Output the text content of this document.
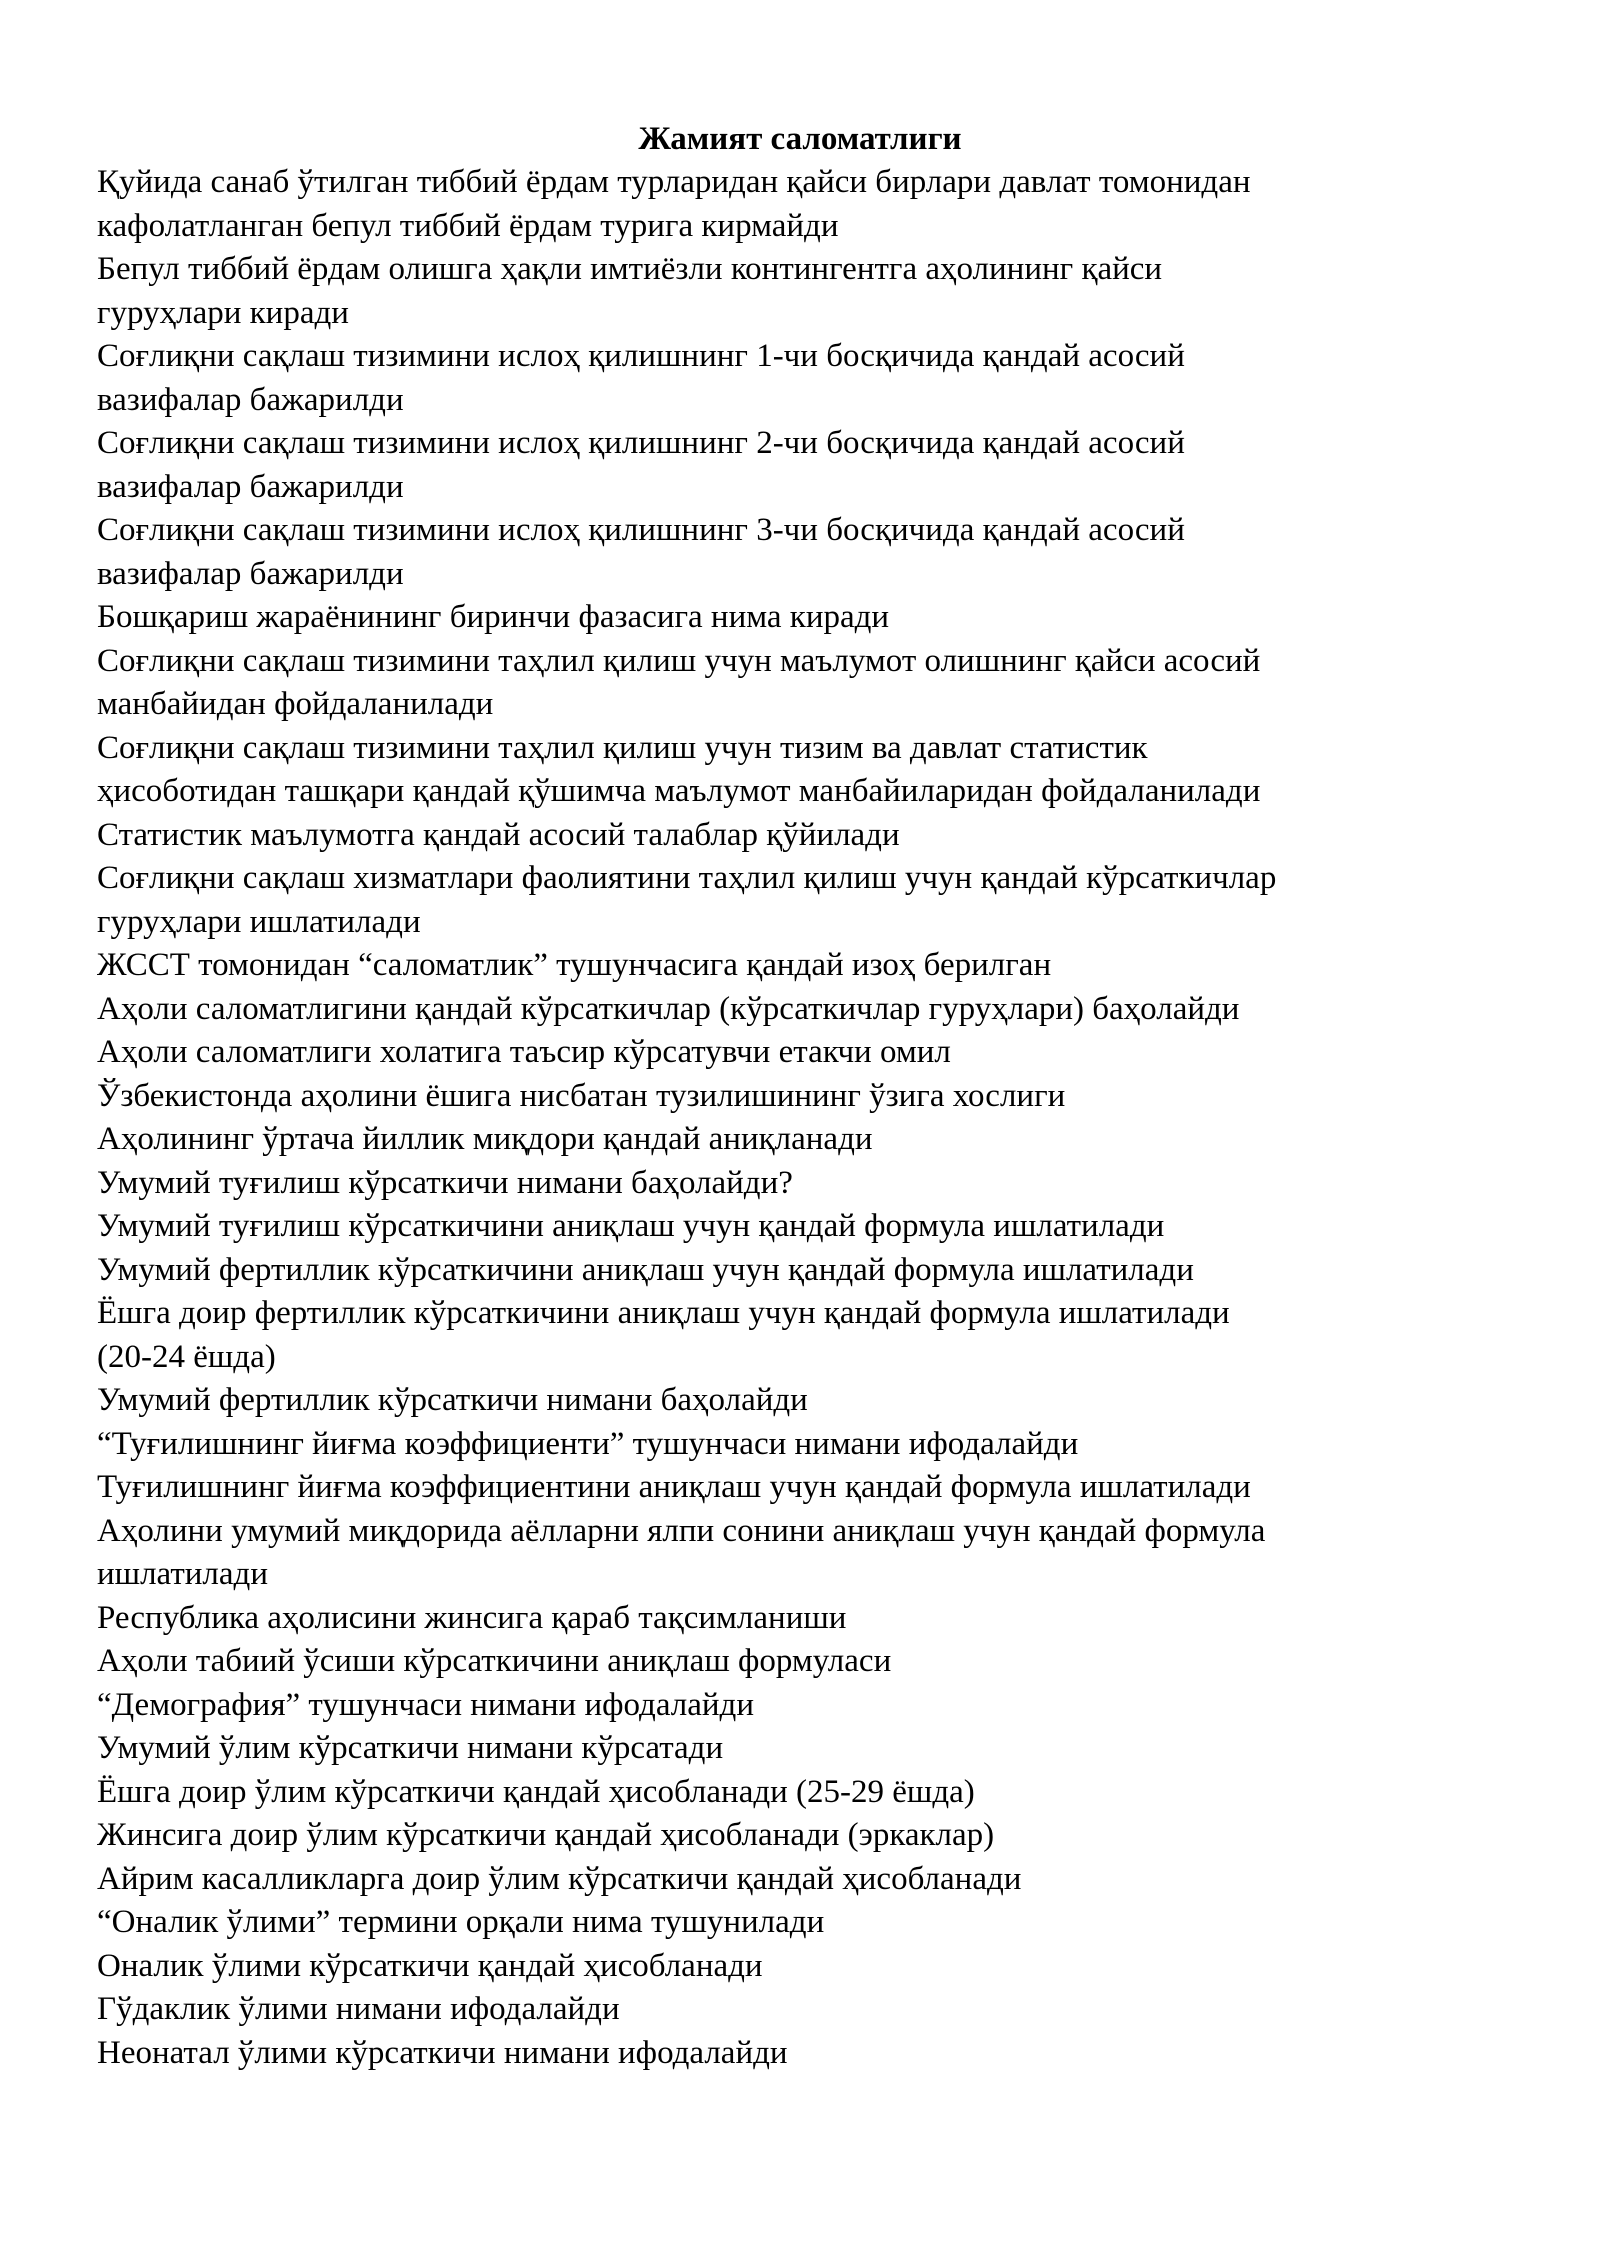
Жамият саломатлиги
Қуйида санаб ўтилган тиббий ёрдам турларидан қайси бирлари давлат томонидан
кафолатланган бепул тиббий ёрдам турига кирмайди
Бепул тиббий ёрдам олишга ҳақли имтиёзли контингентга аҳолининг қайси
гуруҳлари киради
Соғлиқни сақлаш тизимини ислоҳ қилишнинг 1-чи босқичида қандай асосий
вазифалар бажарилди
Соғлиқни сақлаш тизимини ислоҳ қилишнинг 2-чи босқичида қандай асосий
вазифалар бажарилди
Соғлиқни сақлаш тизимини ислоҳ қилишнинг 3-чи босқичида қандай асосий
вазифалар бажарилди
Бошқариш жараёнининг биринчи фазасига нима киради
Соғлиқни сақлаш тизимини таҳлил қилиш учун маълумот олишнинг қайси асосий
манбайидан фойдаланилади
Соғлиқни сақлаш тизимини таҳлил қилиш учун тизим ва давлат статистик
ҳисоботидан ташқари қандай қўшимча маълумот манбайиларидан фойдаланилади
Статистик маълумотга қандай асосий талаблар қўйилади
Соғлиқни сақлаш хизматлари фаолиятини таҳлил қилиш учун қандай кўрсаткичлар
гуруҳлари ишлатилади
ЖССТ томонидан “саломатлик” тушунчасига қандай изоҳ берилган
Аҳоли саломатлигини қандай кўрсаткичлар (кўрсаткичлар гуруҳлари) баҳолайди
Аҳоли саломатлиги холатига таъсир кўрсатувчи етакчи омил
Ўзбекистонда аҳолини ёшига нисбатан тузилишининг ўзига хослиги
Аҳолининг ўртача йиллик миқдори қандай аниқланади
Умумий туғилиш кўрсаткичи нимани баҳолайди?
Умумий туғилиш кўрсаткичини аниқлаш учун қандай формула ишлатилади
Умумий фертиллик кўрсаткичини аниқлаш учун қандай формула ишлатилади
Ёшга доир фертиллик кўрсаткичини аниқлаш учун қандай формула ишлатилади
(20-24 ёшда)
Умумий фертиллик кўрсаткичи нимани баҳолайди
“Туғилишнинг йиғма коэффициенти” тушунчаси нимани ифодалайди
Туғилишнинг йиғма коэффициентини аниқлаш учун қандай формула ишлатилади
Аҳолини умумий миқдорида аёлларни ялпи сонини аниқлаш учун қандай формула
ишлатилади
Республика аҳолисини жинсига қараб тақсимланиши
Аҳоли табиий ўсиши кўрсаткичини аниқлаш формуласи
“Демография” тушунчаси нимани ифодалайди
Умумий ўлим кўрсаткичи нимани кўрсатади
Ёшга доир ўлим кўрсаткичи қандай ҳисобланади (25-29 ёшда)
Жинсига доир ўлим кўрсаткичи қандай ҳисобланади (эркаклар)
Айрим касалликларга доир ўлим кўрсаткичи қандай ҳисобланади
“Оналик ўлими” термини орқали нима тушунилади
Оналик ўлими кўрсаткичи қандай ҳисобланади
Гўдаклик ўлими нимани ифодалайди
Неонатал ўлими кўрсаткичи нимани ифодалайди
